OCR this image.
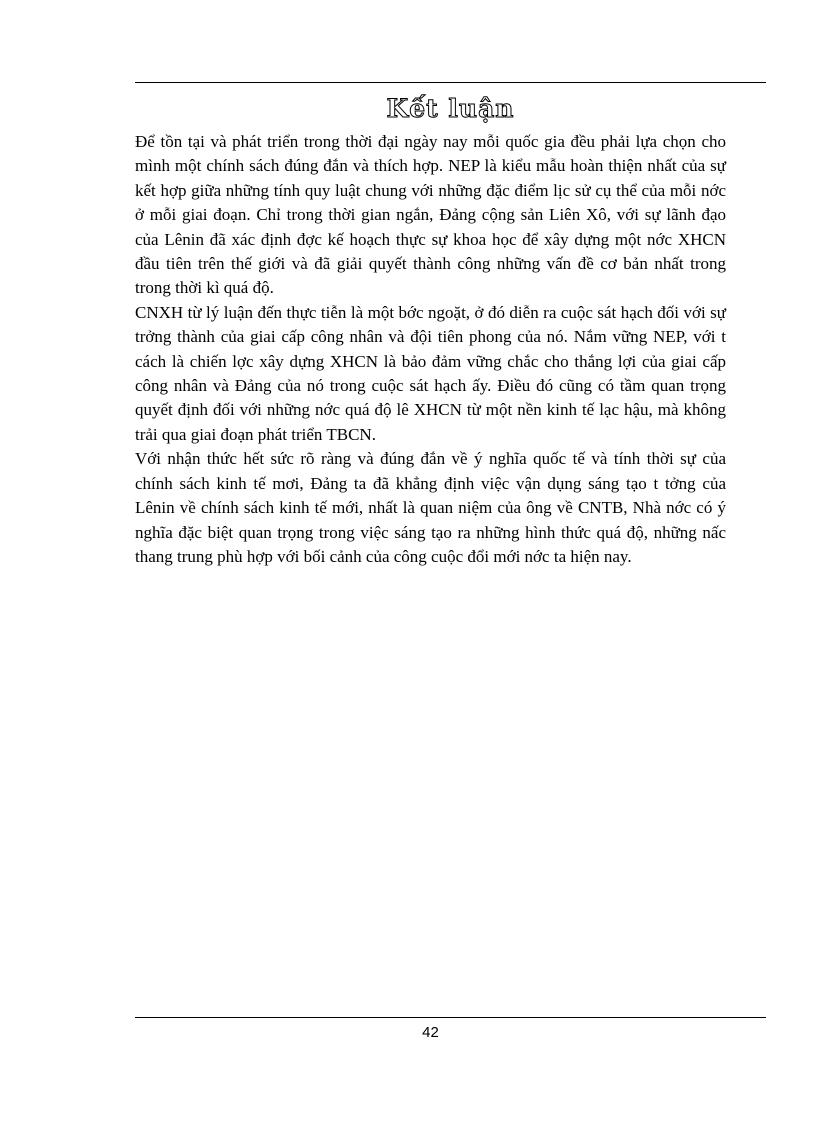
Kết luận

Để tồn tại và phát triển trong thời đại ngày nay mỗi quốc gia đều phải lựa chọn cho mình một chính sách đúng đắn và thích hợp. NEP là kiểu mẫu hoàn thiện nhất của sự kết hợp giữa những tính quy luật chung với những đặc điểm lịc sử cụ thể của mỗi nớc ở mỗi giai đoạn. Chỉ trong thời gian ngắn, Đảng cộng sản Liên Xô, với sự lãnh đạo của Lênin đã xác định đợc kế hoạch thực sự khoa học để xây dựng một nớc XHCN đầu tiên trên thế giới và đã giải quyết thành công những vấn đề cơ bản nhất trong trong thời kì quá độ.

CNXH từ lý luận đến thực tiễn là một bớc ngoặt, ở đó diễn ra cuộc sát hạch đối với sự trởng thành của giai cấp công nhân và đội tiên phong của nó. Nắm vững NEP, với t cách là chiến lợc xây dựng XHCN là bảo đảm vững chắc cho thắng lợi của giai cấp công nhân và Đảng của nó trong cuộc sát hạch ấy. Điều đó cũng có tầm quan trọng quyết định đối với những nớc quá độ lê XHCN từ một nền kinh tế lạc hậu, mà không trải qua giai đoạn phát triển TBCN.

Với nhận thức hết sức rõ ràng và đúng đắn về ý nghĩa quốc tế và tính thời sự của chính sách kinh tế mơi, Đảng ta đã khẳng định việc vận dụng sáng tạo t tởng của Lênin về chính sách kinh tế mới, nhất là quan niệm của ông về CNTB, Nhà nớc có ý nghĩa đặc biệt quan trọng trong việc sáng tạo ra những hình thức quá độ, những nấc thang trung phù hợp với bối cảnh của công cuộc đổi mới nớc ta hiện nay.

42
